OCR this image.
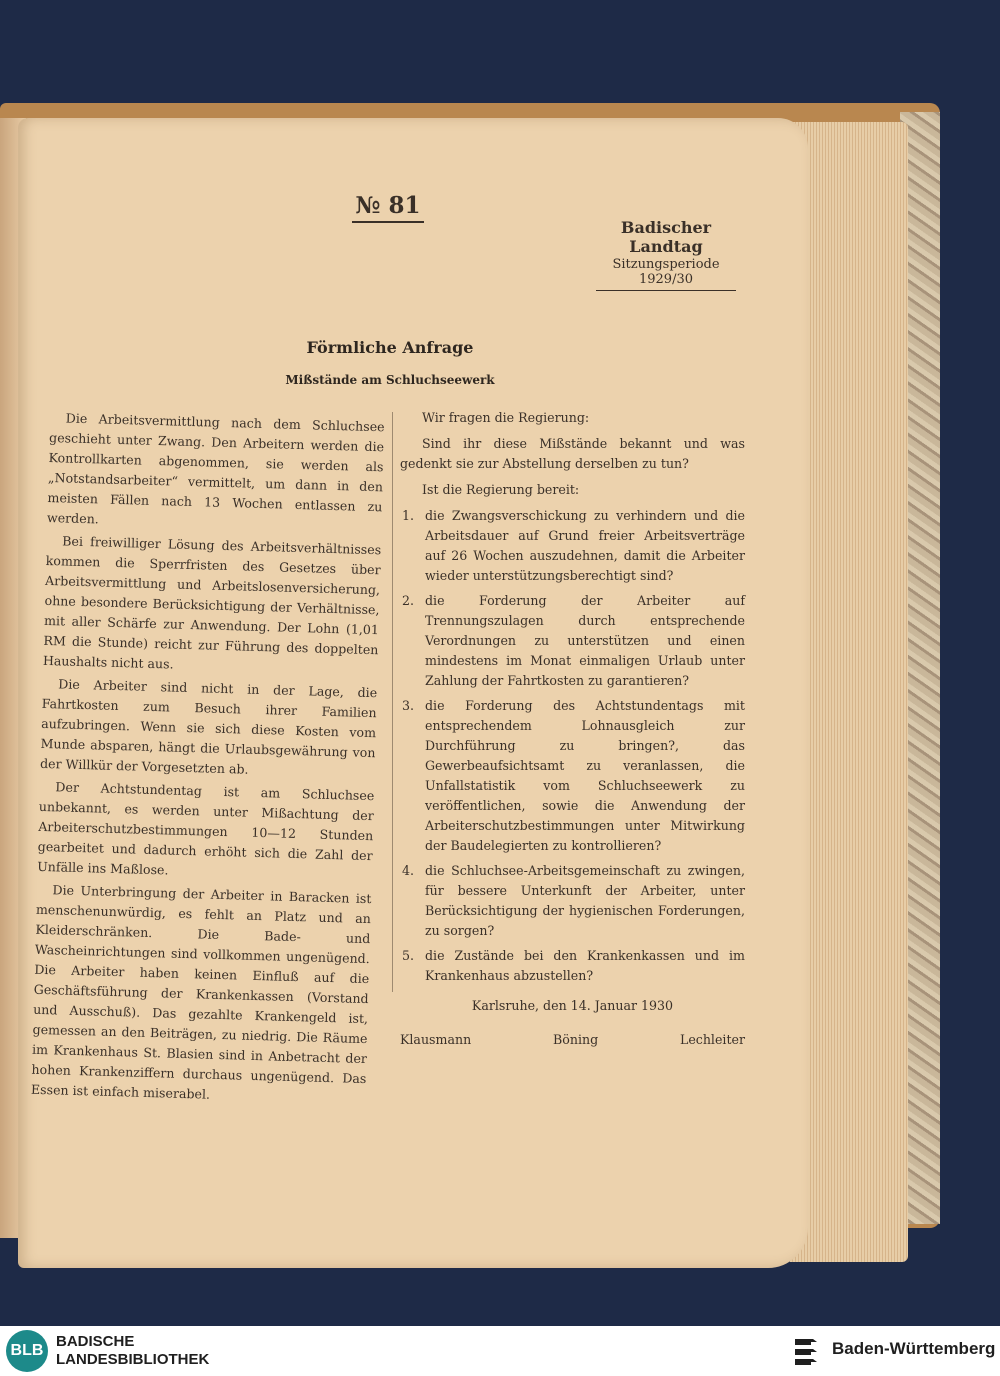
№ 81
Badischer Landtag
Sitzungsperiode
1929/30
Förmliche Anfrage
Mißstände am Schluchseewerk

Die Arbeitsvermittlung nach dem Schluchsee geschieht unter Zwang. Den Arbeitern werden die Kontrollkarten abgenommen, sie werden als „Notstandsarbeiter“ vermittelt, um dann in den meisten Fällen nach 13 Wochen entlassen zu werden.

Bei freiwilliger Lösung des Arbeitsverhältnisses kommen die Sperrfristen des Gesetzes über Arbeitsvermittlung und Arbeitslosenversicherung, ohne besondere Berücksichtigung der Verhältnisse, mit aller Schärfe zur Anwendung. Der Lohn (1,01 RM die Stunde) reicht zur Führung des doppelten Haushalts nicht aus.

Die Arbeiter sind nicht in der Lage, die Fahrtkosten zum Besuch ihrer Familien aufzubringen. Wenn sie sich diese Kosten vom Munde absparen, hängt die Urlaubsgewährung von der Willkür der Vorgesetzten ab.

Der Achtstundentag ist am Schluchsee unbekannt, es werden unter Mißachtung der Arbeiterschutzbestimmungen 10—12 Stunden gearbeitet und dadurch erhöht sich die Zahl der Unfälle ins Maßlose.

Die Unterbringung der Arbeiter in Baracken ist menschenunwürdig, es fehlt an Platz und an Kleiderschränken. Die Bade- und Wascheinrichtungen sind vollkommen ungenügend. Die Arbeiter haben keinen Einfluß auf die Geschäftsführung der Krankenkassen (Vorstand und Ausschuß). Das gezahlte Krankengeld ist, gemessen an den Beiträgen, zu niedrig. Die Räume im Krankenhaus St. Blasien sind in Anbetracht der hohen Krankenziffern durchaus ungenügend. Das Essen ist einfach miserabel.

Wir fragen die Regierung:

Sind ihr diese Mißstände bekannt und was gedenkt sie zur Abstellung derselben zu tun?

Ist die Regierung bereit:

1. die Zwangsverschickung zu verhindern und die Arbeitsdauer auf Grund freier Arbeitsverträge auf 26 Wochen auszudehnen, damit die Arbeiter wieder unterstützungsberechtigt sind?
2. die Forderung der Arbeiter auf Trennungszulagen durch entsprechende Verordnungen zu unterstützen und einen mindestens im Monat einmaligen Urlaub unter Zahlung der Fahrtkosten zu garantieren?
3. die Forderung des Achtstundentags mit entsprechendem Lohnausgleich zur Durchführung zu bringen?, das Gewerbeaufsichtsamt zu veranlassen, die Unfallstatistik vom Schluchseewerk zu veröffentlichen, sowie die Anwendung der Arbeiterschutzbestimmungen unter Mitwirkung der Baudelegierten zu kontrollieren?
4. die Schluchsee-Arbeitsgemeinschaft zu zwingen, für bessere Unterkunft der Arbeiter, unter Berücksichtigung der hygienischen Forderungen, zu sorgen?
5. die Zustände bei den Krankenkassen und im Krankenhaus abzustellen?
Karlsruhe, den 14. Januar 1930
Klausmann	Böning	Lechleiter
BLB
BADISCHE
LANDESBIBLIOTHEK
Baden-Württemberg
